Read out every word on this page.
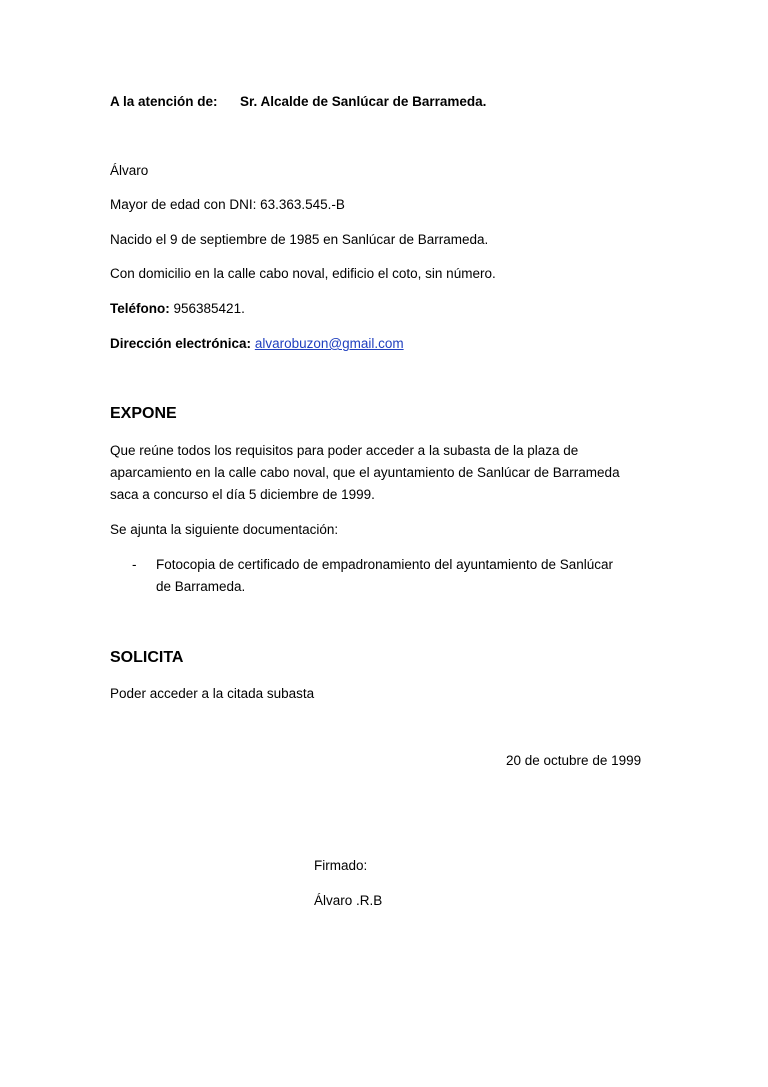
A la atención de: Sr. Alcalde de Sanlúcar de Barrameda.
Álvaro
Mayor de edad con DNI: 63.363.545.-B
Nacido el 9 de septiembre de 1985 en Sanlúcar de Barrameda.
Con domicilio en la calle cabo noval, edificio el coto, sin número.
Teléfono: 956385421.
Dirección electrónica: alvarobuzon@gmail.com
EXPONE
Que reúne todos los requisitos para poder acceder a la subasta de la plaza de
aparcamiento en la calle cabo noval, que el ayuntamiento de Sanlúcar de Barrameda
saca a concurso el día 5 diciembre de 1999.
Se ajunta la siguiente documentación:
- Fotocopia de certificado de empadronamiento del ayuntamiento de Sanlúcar
de Barrameda.
SOLICITA
Poder acceder a la citada subasta
20 de octubre de 1999
Firmado:
Álvaro .R.B
